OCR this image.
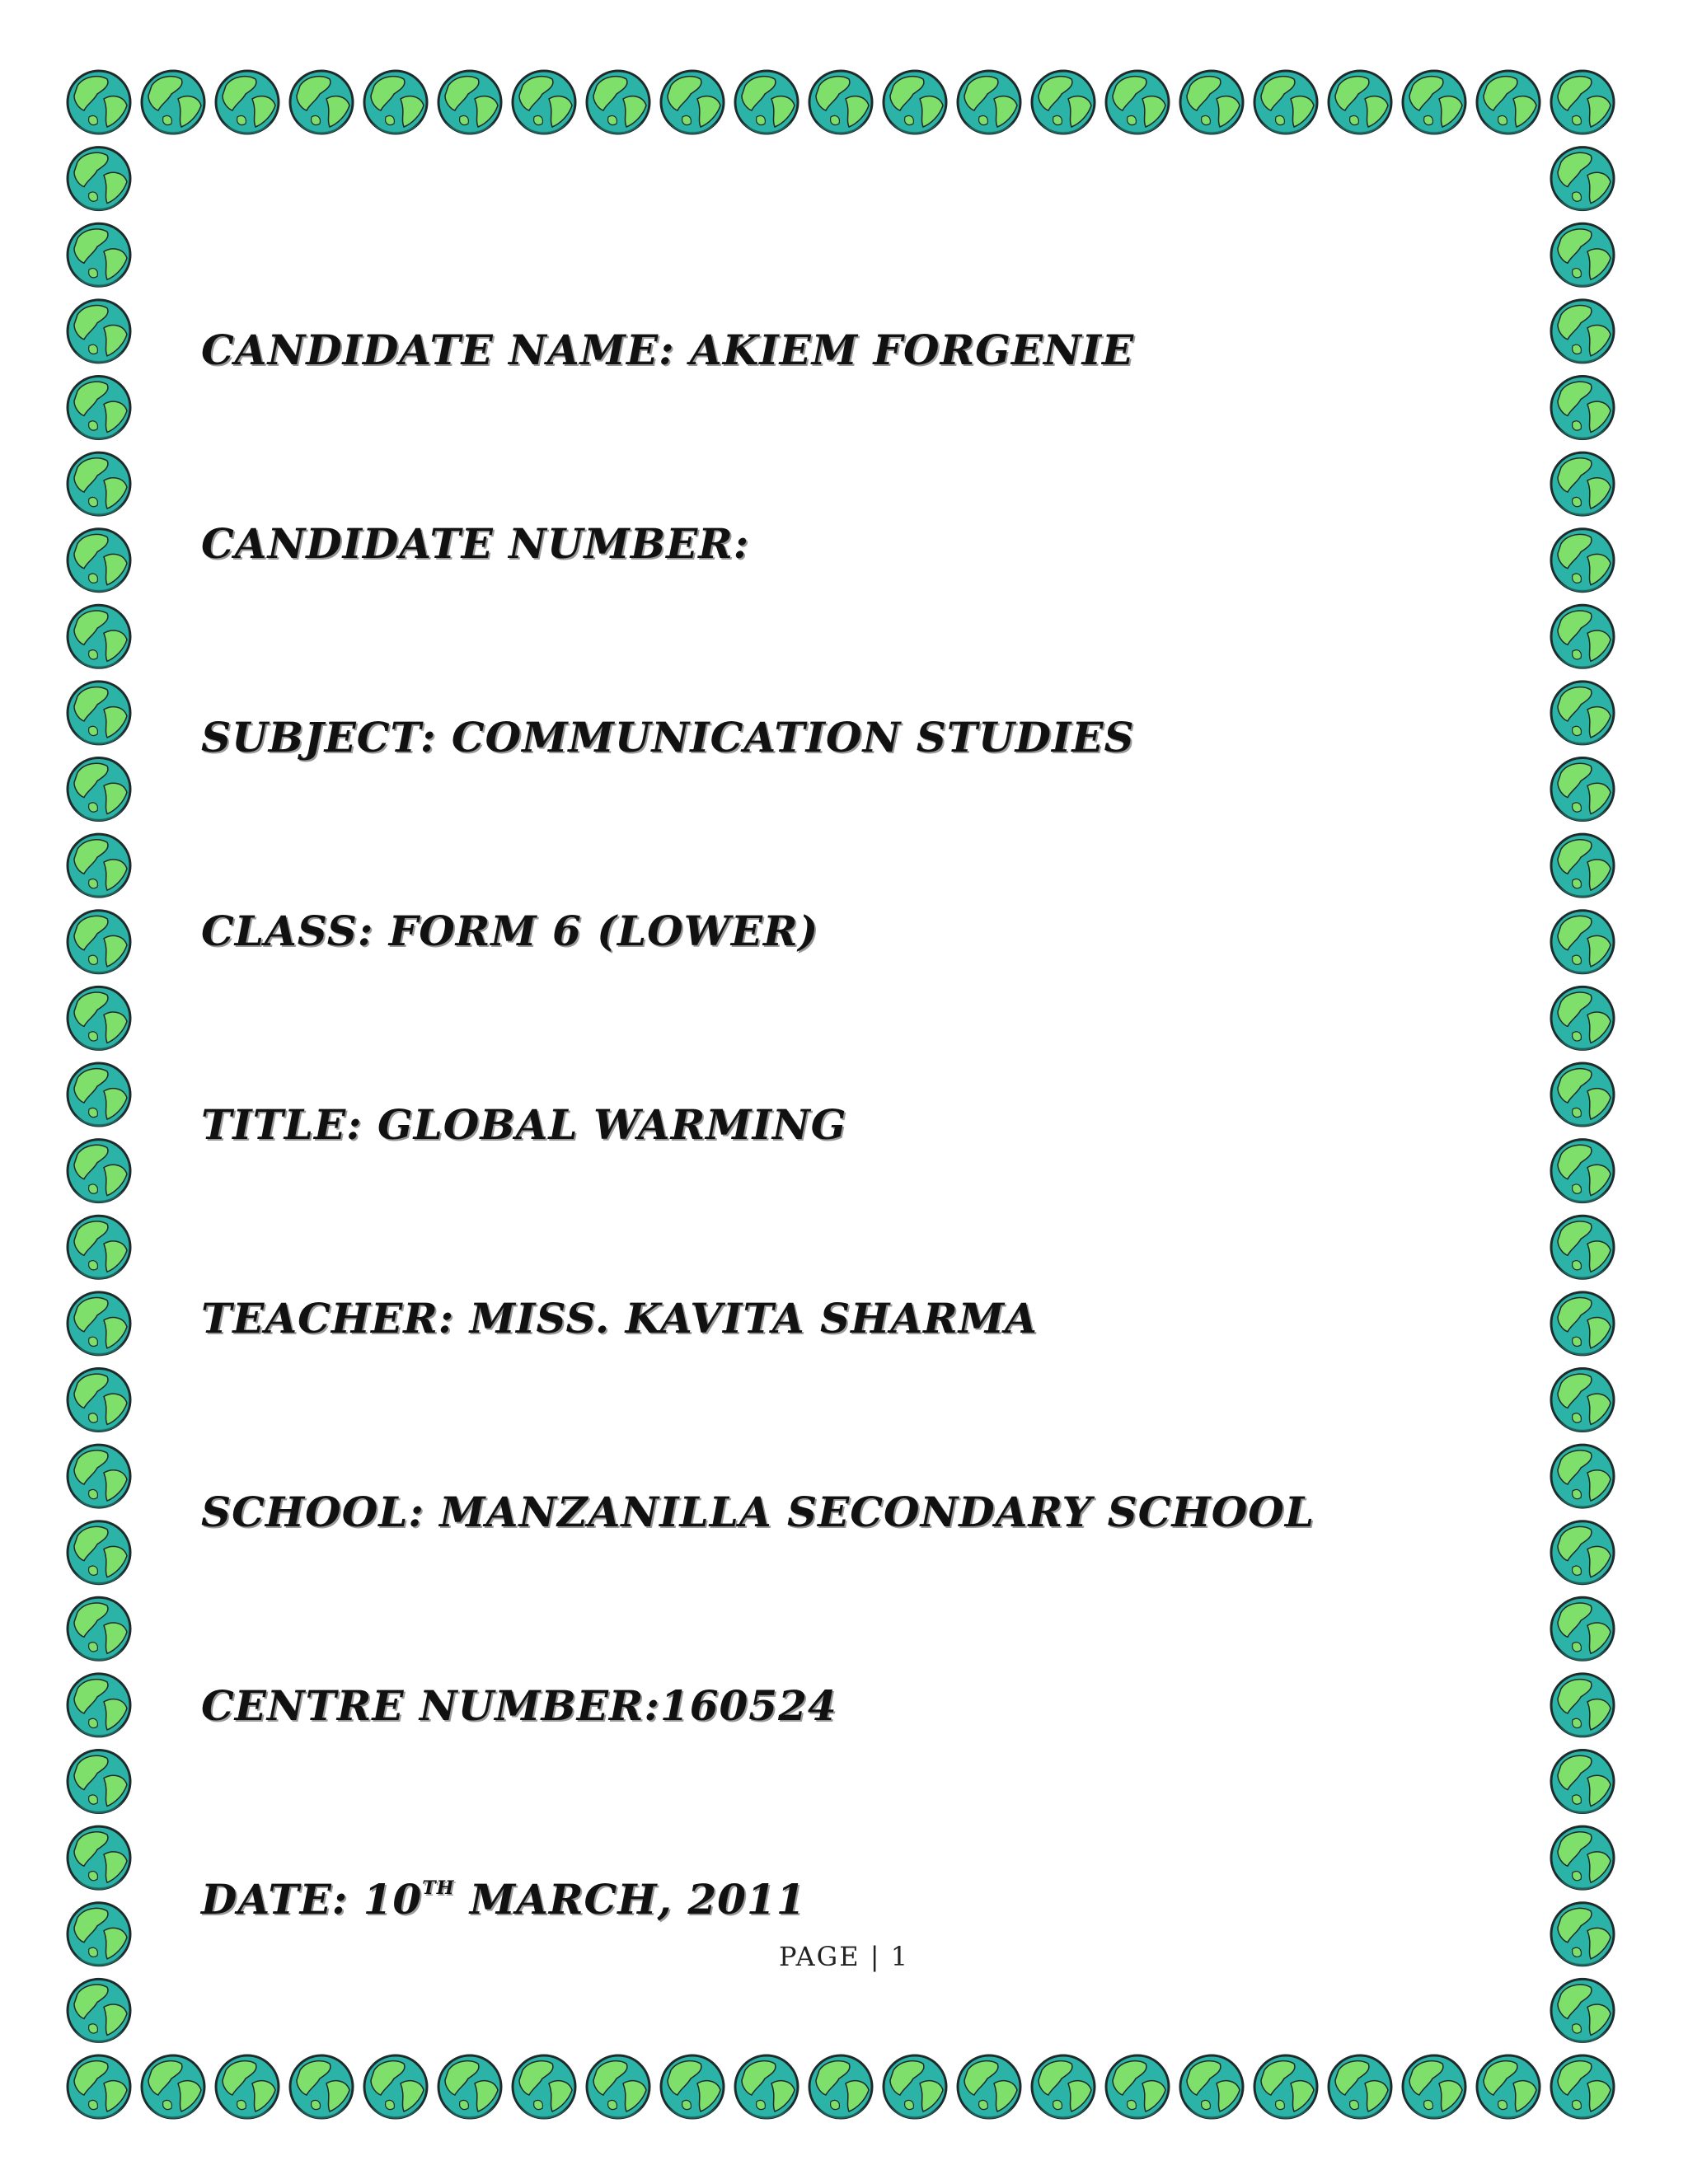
CANDIDATE NAME: AKIEM FORGENIE
CANDIDATE NUMBER:
SUBJECT: COMMUNICATION STUDIES
CLASS: FORM 6 (LOWER)
TITLE: GLOBAL WARMING
TEACHER: MISS. KAVITA SHARMA
SCHOOL: MANZANILLA SECONDARY SCHOOL
CENTRE NUMBER:160524
DATE: 10TH MARCH, 2011
PAGE | 1
